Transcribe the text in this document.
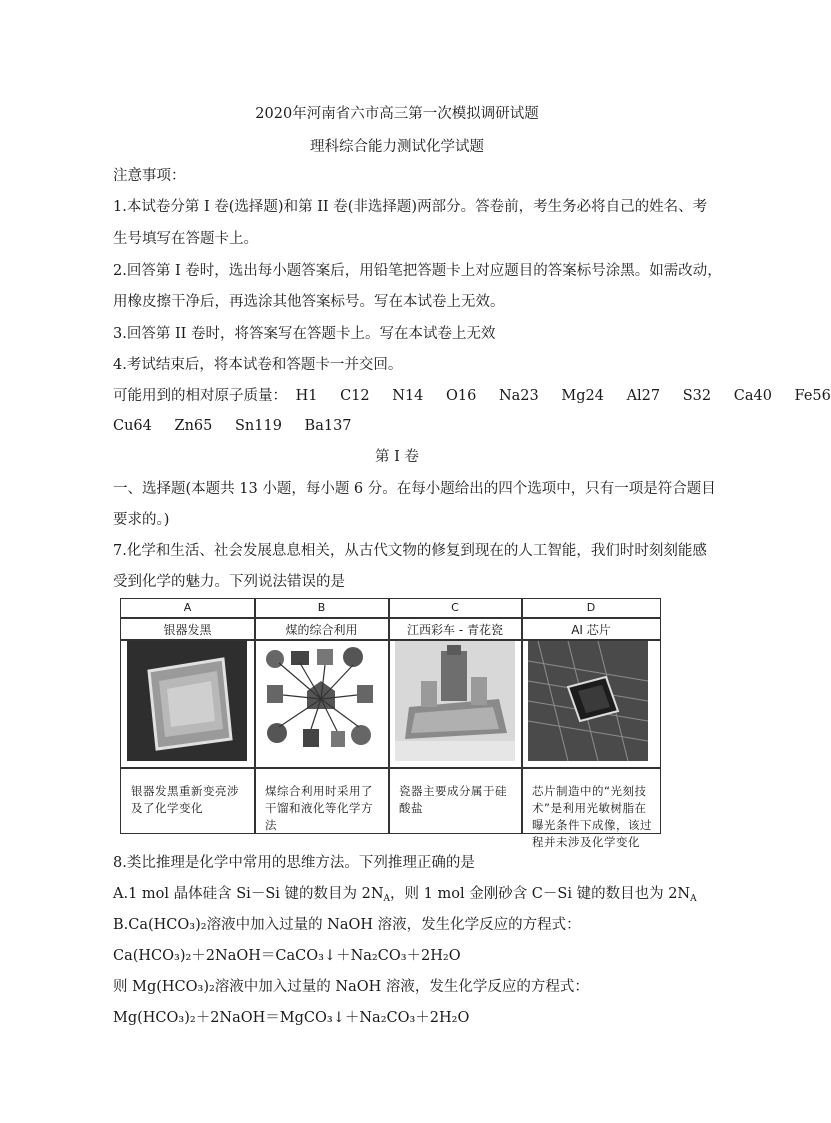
2020年河南省六市高三第一次模拟调研试题
理科综合能力测试化学试题
注意事项：
1.本试卷分第 I 卷(选择题)和第 II 卷(非选择题)两部分。答卷前，考生务必将自己的姓名、考
生号填写在答题卡上。
2.回答第 I 卷时，选出每小题答案后，用铅笔把答题卡上对应题目的答案标号涂黑。如需改动，
用橡皮擦干净后，再选涂其他答案标号。写在本试卷上无效。
3.回答第 II 卷时，将答案写在答题卡上。写在本试卷上无效
4.考试结束后，将本试卷和答题卡一并交回。
可能用到的相对原子质量： H1 C12 N14 O16 Na23 Mg24 Al27 S32 Ca40 Fe56
Cu64 Zn65 Sn119 Ba137
第 I 卷
一、选择题(本题共 13 小题，每小题 6 分。在每小题给出的四个选项中，只有一项是符合题目
要求的。)
7.化学和生活、社会发展息息相关，从古代文物的修复到现在的人工智能，我们时时刻刻能感
受到化学的魅力。下列说法错误的是
A
银器发黑
银器发黑重新变亮涉及了化学变化
B
煤的综合利用
煤综合利用时采用了干馏和液化等化学方法
C
江西彩车 - 青花瓷
瓷器主要成分属于硅酸盐
D
AI 芯片
芯片制造中的“光刻技术”是利用光敏树脂在曝光条件下成像，该过程并未涉及化学变化
8.类比推理是化学中常用的思维方法。下列推理正确的是
A.1 mol 晶体硅含 Si－Si 键的数目为 $2N_A$，则 1 mol 金刚砂含 C－Si 键的数目也为 $2N_A$
B.Ca(HCO₃)₂溶液中加入过量的 NaOH 溶液，发生化学反应的方程式：
Ca(HCO₃)₂＋2NaOH＝CaCO₃↓＋Na₂CO₃＋2H₂O
则 Mg(HCO₃)₂溶液中加入过量的 NaOH 溶液，发生化学反应的方程式：
Mg(HCO₃)₂＋2NaOH＝MgCO₃↓＋Na₂CO₃＋2H₂O
